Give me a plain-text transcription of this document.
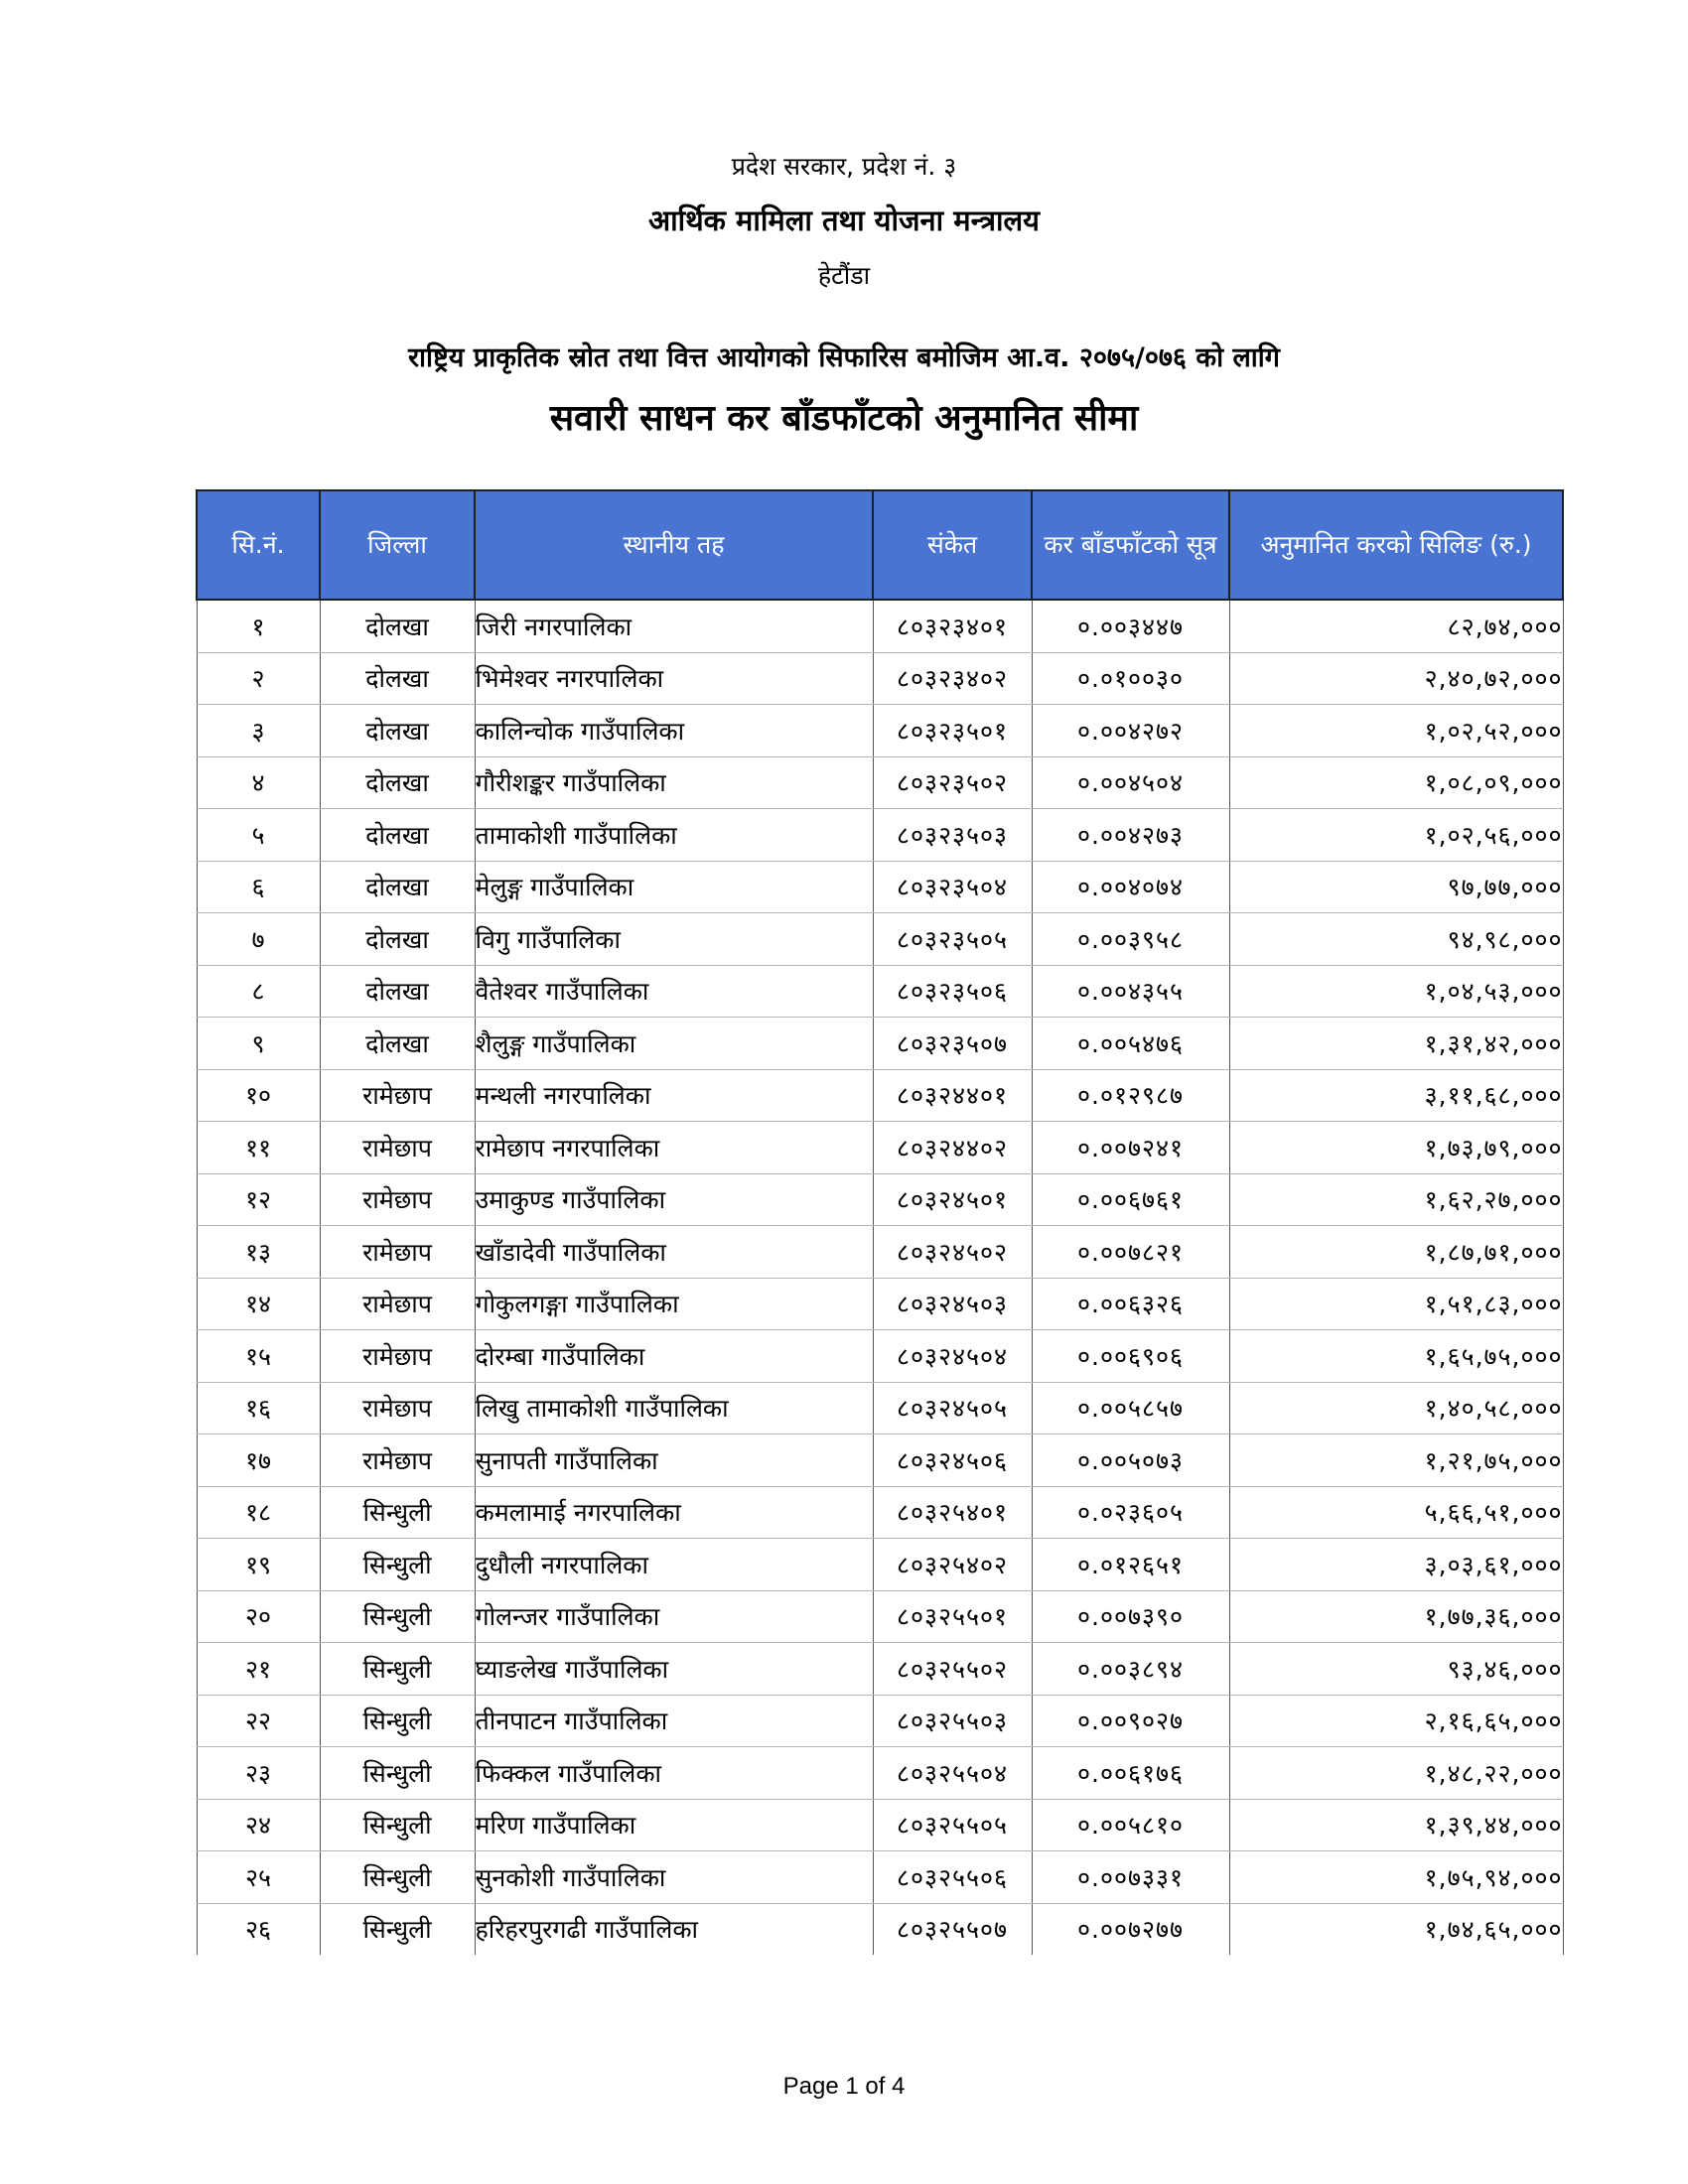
प्रदेश सरकार, प्रदेश नं. ३
आर्थिक मामिला तथा योजना मन्त्रालय
हेटौंडा
राष्ट्रिय प्राकृतिक स्रोत तथा वित्त आयोगको सिफारिस बमोजिम आ.व. २०७५/०७६ को लागि
सवारी साधन कर बाँडफाँटको अनुमानित सीमा
सि.नं.	जिल्ला	स्थानीय तह	संकेत	कर बाँडफाँटको सूत्र	अनुमानित करको सिलिङ (रु.)
१	दोलखा	जिरी नगरपालिका	८०३२३४०१	०.००३४४७	८२,७४,०००
२	दोलखा	भिमेश्वर नगरपालिका	८०३२३४०२	०.०१००३०	२,४०,७२,०००
३	दोलखा	कालिन्चोक गाउँपालिका	८०३२३५०१	०.००४२७२	१,०२,५२,०००
४	दोलखा	गौरीशङ्कर गाउँपालिका	८०३२३५०२	०.००४५०४	१,०८,०९,०००
५	दोलखा	तामाकोशी गाउँपालिका	८०३२३५०३	०.००४२७३	१,०२,५६,०००
६	दोलखा	मेलुङ्ग गाउँपालिका	८०३२३५०४	०.००४०७४	९७,७७,०००
७	दोलखा	विगु गाउँपालिका	८०३२३५०५	०.००३९५८	९४,९८,०००
८	दोलखा	वैतेश्वर गाउँपालिका	८०३२३५०६	०.००४३५५	१,०४,५३,०००
९	दोलखा	शैलुङ्ग गाउँपालिका	८०३२३५०७	०.००५४७६	१,३१,४२,०००
१०	रामेछाप	मन्थली नगरपालिका	८०३२४४०१	०.०१२९८७	३,११,६८,०००
११	रामेछाप	रामेछाप नगरपालिका	८०३२४४०२	०.००७२४१	१,७३,७९,०००
१२	रामेछाप	उमाकुण्ड गाउँपालिका	८०३२४५०१	०.००६७६१	१,६२,२७,०००
१३	रामेछाप	खाँडादेवी गाउँपालिका	८०३२४५०२	०.००७८२१	१,८७,७१,०००
१४	रामेछाप	गोकुलगङ्गा गाउँपालिका	८०३२४५०३	०.००६३२६	१,५१,८३,०००
१५	रामेछाप	दोरम्बा गाउँपालिका	८०३२४५०४	०.००६९०६	१,६५,७५,०००
१६	रामेछाप	लिखु तामाकोशी गाउँपालिका	८०३२४५०५	०.००५८५७	१,४०,५८,०००
१७	रामेछाप	सुनापती गाउँपालिका	८०३२४५०६	०.००५०७३	१,२१,७५,०००
१८	सिन्धुली	कमलामाई नगरपालिका	८०३२५४०१	०.०२३६०५	५,६६,५१,०००
१९	सिन्धुली	दुधौली नगरपालिका	८०३२५४०२	०.०१२६५१	३,०३,६१,०००
२०	सिन्धुली	गोलन्जर गाउँपालिका	८०३२५५०१	०.००७३९०	१,७७,३६,०००
२१	सिन्धुली	घ्याङलेख गाउँपालिका	८०३२५५०२	०.००३८९४	९३,४६,०००
२२	सिन्धुली	तीनपाटन गाउँपालिका	८०३२५५०३	०.००९०२७	२,१६,६५,०००
२३	सिन्धुली	फिक्कल गाउँपालिका	८०३२५५०४	०.००६१७६	१,४८,२२,०००
२४	सिन्धुली	मरिण गाउँपालिका	८०३२५५०५	०.००५८१०	१,३९,४४,०००
२५	सिन्धुली	सुनकोशी गाउँपालिका	८०३२५५०६	०.००७३३१	१,७५,९४,०००
२६	सिन्धुली	हरिहरपुरगढी गाउँपालिका	८०३२५५०७	०.००७२७७	१,७४,६५,०००
Page 1 of 4
